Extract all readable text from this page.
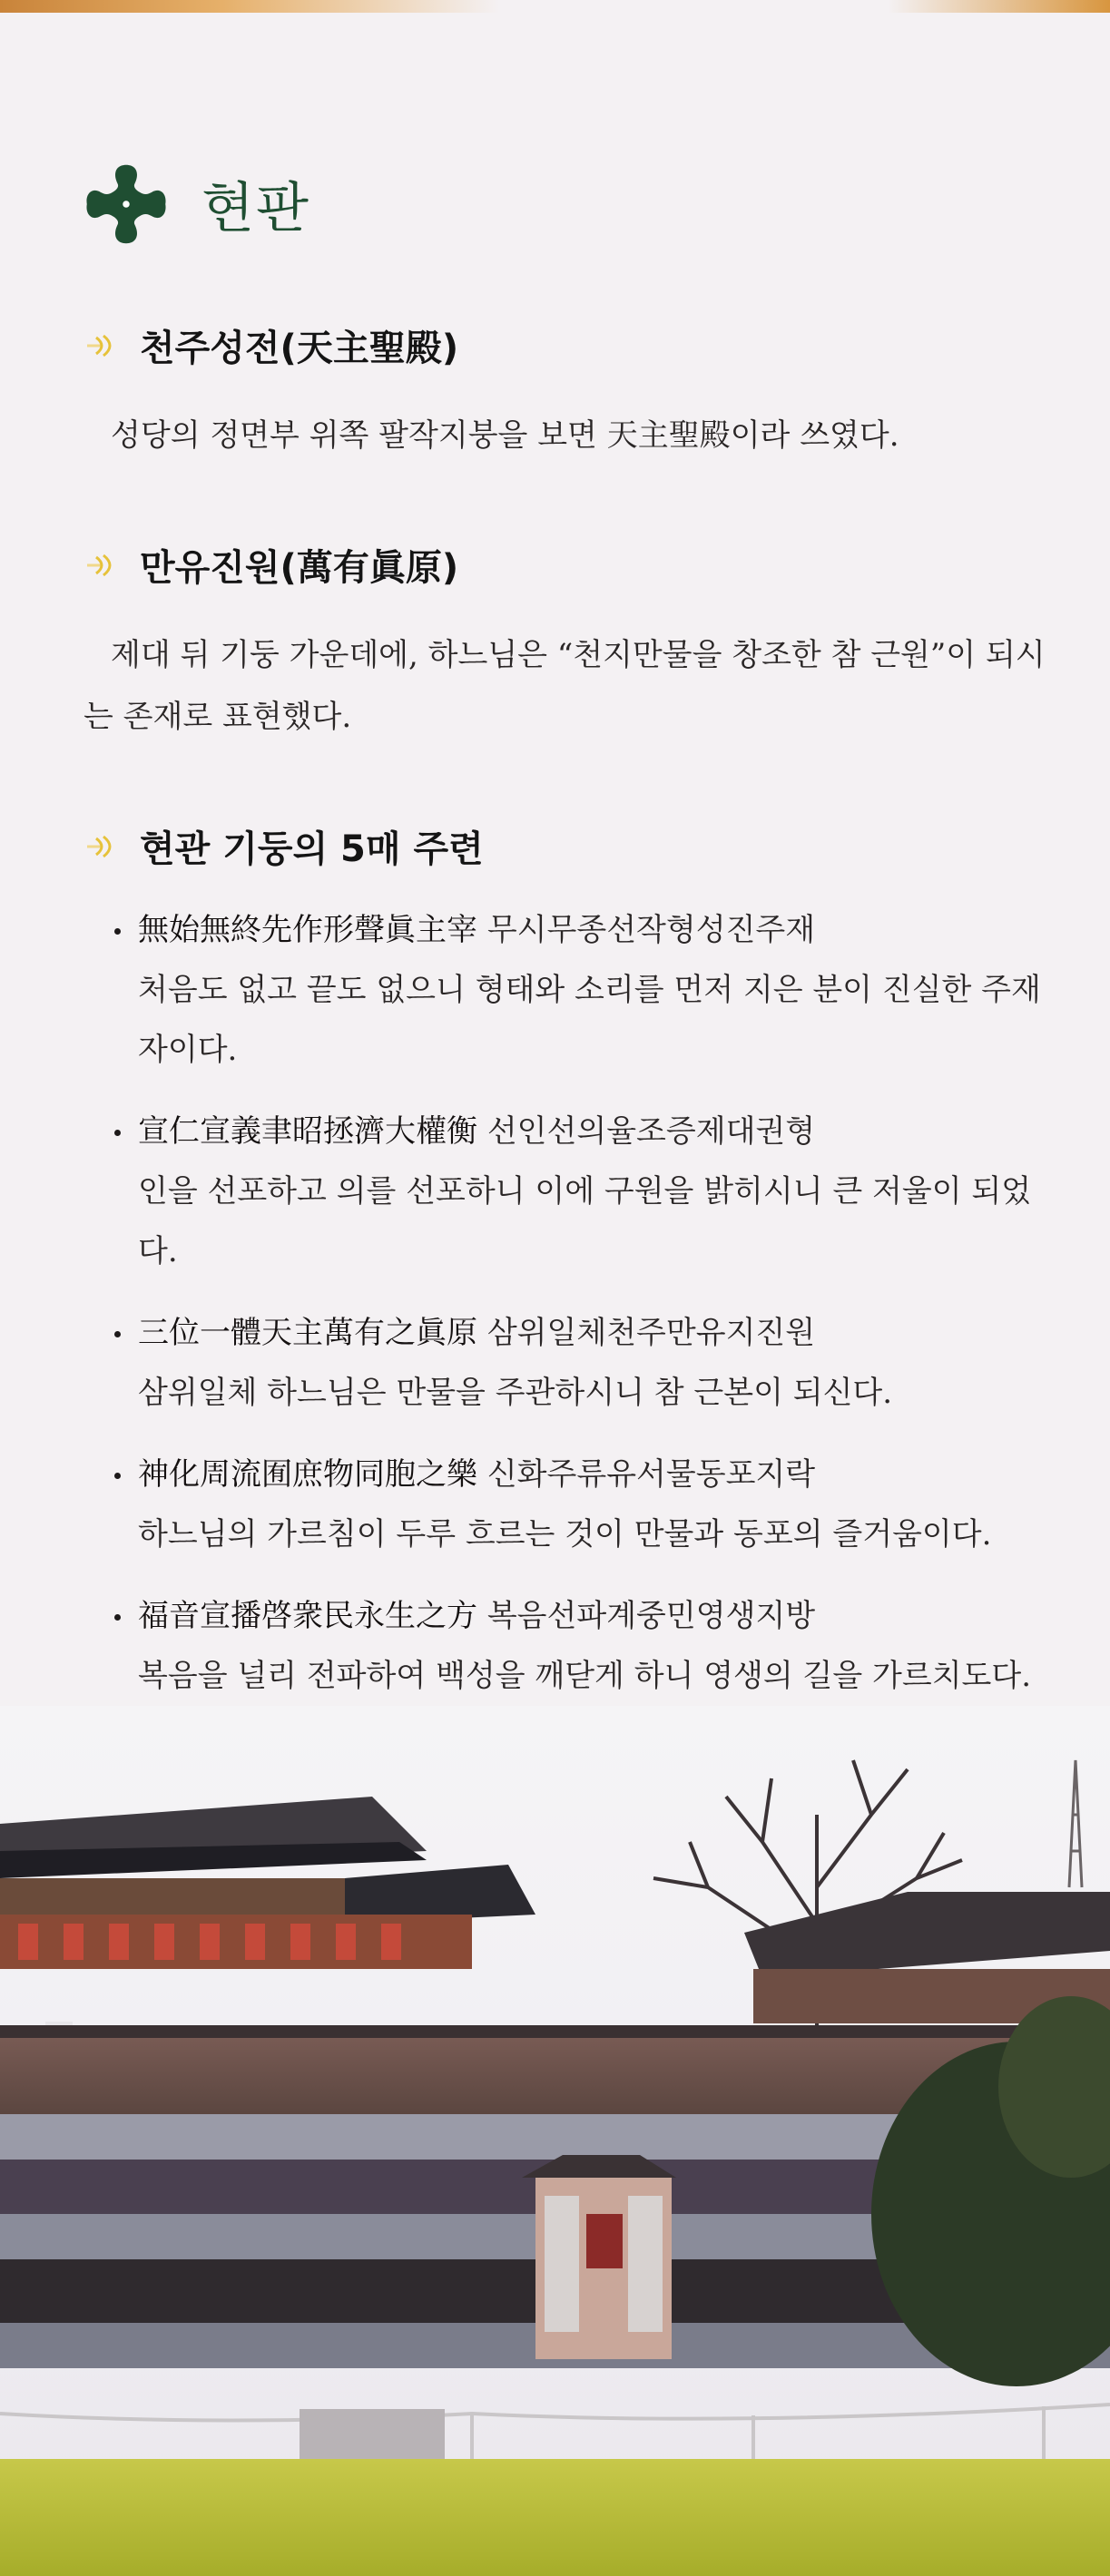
현판
천주성전(天主聖殿)
성당의 정면부 위쪽 팔작지붕을 보면 天主聖殿이라 쓰였다.
만유진원(萬有眞原)
제대 뒤 기둥 가운데에, 하느님은 “천지만물을 창조한 참 근원”이 되시는 존재로 표현했다.
현관 기둥의 5매 주련
無始無終先作形聲眞主宰 무시무종선작형성진주재
처음도 없고 끝도 없으니 형태와 소리를 먼저 지은 분이 진실한 주재자이다.
宣仁宣義聿昭拯濟大權衡 선인선의율조증제대권형
인을 선포하고 의를 선포하니 이에 구원을 밝히시니 큰 저울이 되었다.
三位一體天主萬有之眞原 삼위일체천주만유지진원
삼위일체 하느님은 만물을 주관하시니 참 근본이 되신다.
神化周流囿庶物同胞之樂 신화주류유서물동포지락
하느님의 가르침이 두루 흐르는 것이 만물과 동포의 즐거움이다.
福音宣播啓衆民永生之方 복음선파계중민영생지방
복음을 널리 전파하여 백성을 깨닫게 하니 영생의 길을 가르치도다.
